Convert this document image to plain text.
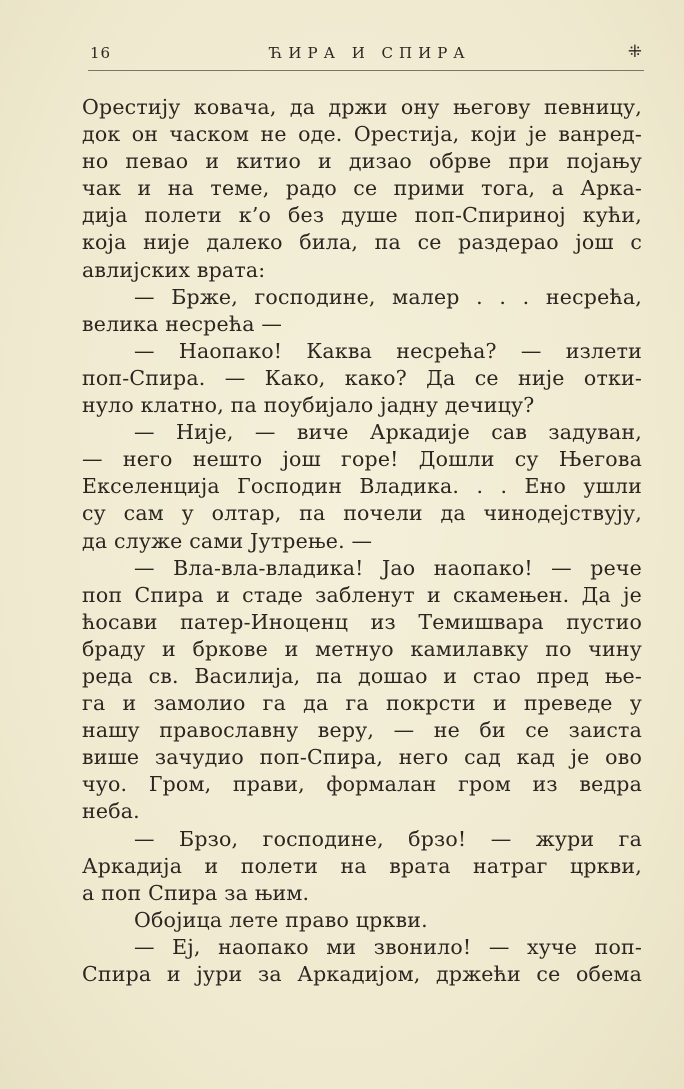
16	ЋИРА И СПИРА	⁜
Орестију ковача, да држи ону његову певницу,
док он часком не оде. Орестија, који је ванред-
но певао и китио и дизао обрве при појању
чак и на теме, радо се прими тога, а Арка-
дија полети к’о без душе поп-Спириној кући,
која није далеко била, па се раздерао још с
авлијских врата:
— Брже, господине, малер . . . несрећа,
велика несрећа —
— Наопако! Каква несрећа? — излети
поп-Спира. — Како, како? Да се није отки-
нуло клатно, па поубијало јадну дечицу?
— Није, — виче Аркадије сав задуван,
— него нешто још горе! Дошли су Његова
Екселенција Господин Владика. . . Ено ушли
су сам у олтар, па почели да чинодејствују,
да служе сами Јутрење. —
— Вла-вла-владика! Јао наопако! — рече
поп Спира и стаде забленут и скамењен. Да је
ћосави патер-Иноценц из Темишвара пустио
браду и бркове и метнуо камилавку по чину
реда св. Василија, па дошао и стао пред ње-
га и замолио га да га покрсти и преведе у
нашу православну веру, — не би се заиста
више зачудио поп-Спира, него сад кад је ово
чуо. Гром, прави, формалан гром из ведра
неба.
— Брзо, господине, брзо! — жури га
Аркадија и полети на врата натраг цркви,
а поп Спира за њим.
Обојица лете право цркви.
— Ej, наопако ми звонило! — хуче поп-
Спира и јури за Аркадијом, држећи се обема
